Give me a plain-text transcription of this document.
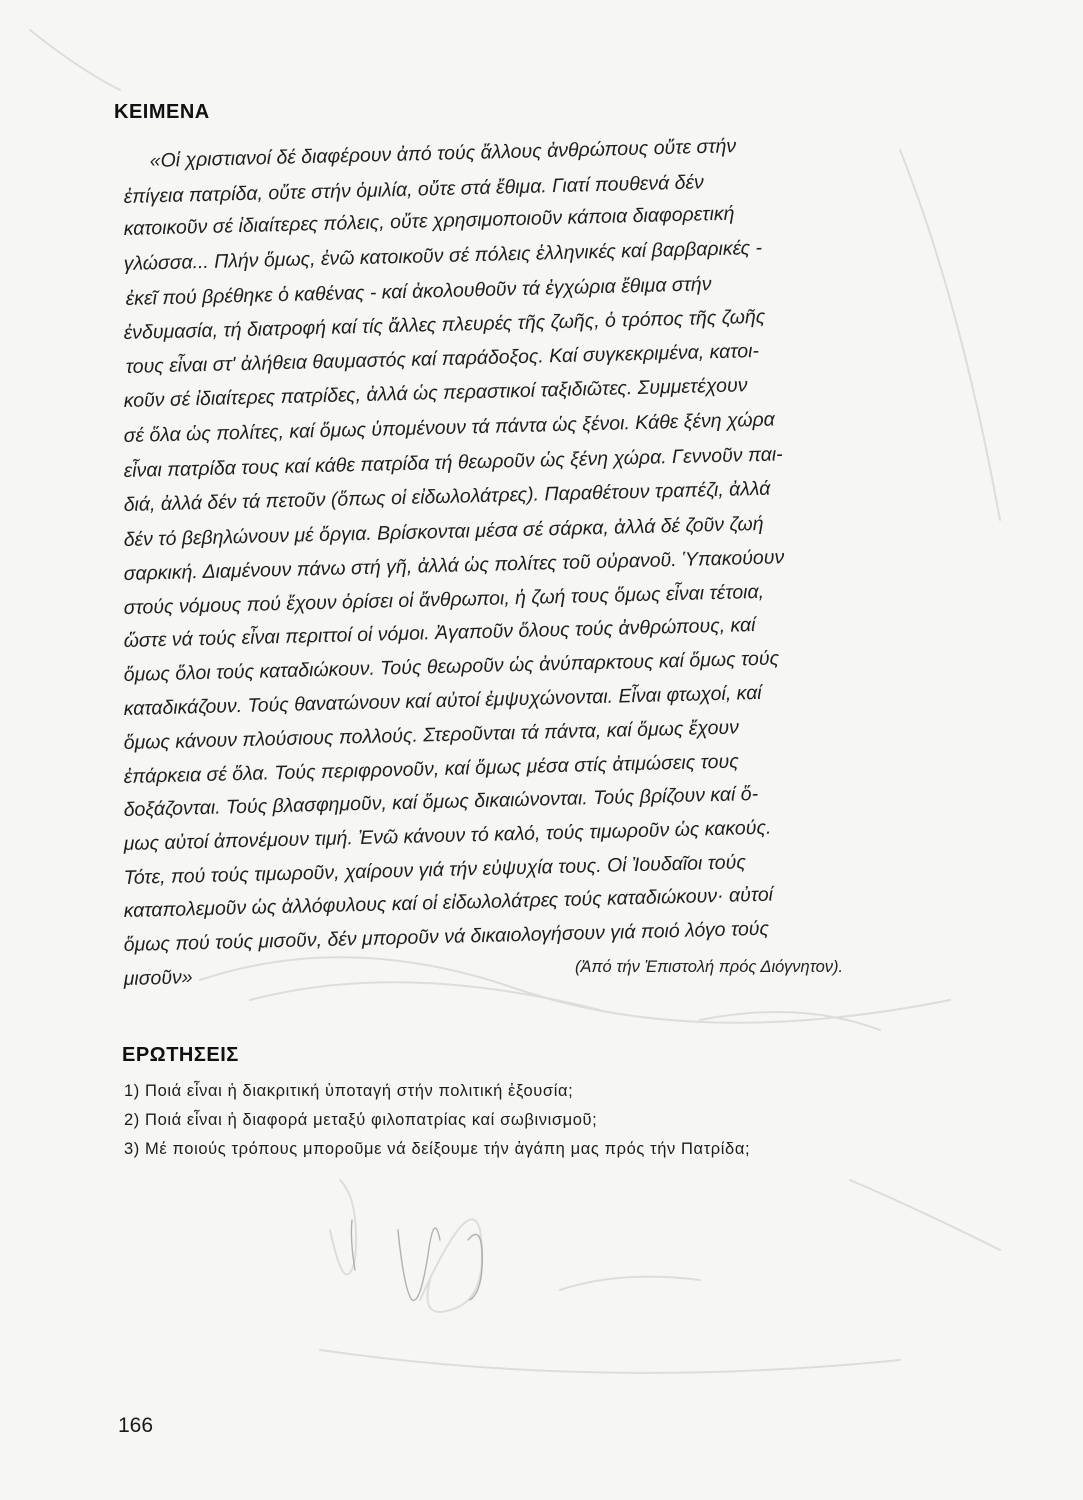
ΚΕΙΜΕΝΑ
«Οἱ χριστιανοί δέ διαφέρουν ἀπό τούς ἄλλους ἀνθρώπους οὔτε στήν
ἐπίγεια πατρίδα, οὔτε στήν ὁμιλία, οὔτε στά ἔθιμα. Γιατί πουθενά δέν
κατοικοῦν σέ ἰδιαίτερες πόλεις, οὔτε χρησιμοποιοῦν κάποια διαφορετική
γλώσσα... Πλήν ὅμως, ἐνῶ κατοικοῦν σέ πόλεις ἑλληνικές καί βαρβαρικές -
ἐκεῖ πού βρέθηκε ὁ καθένας - καί ἀκολουθοῦν τά ἐγχώρια ἔθιμα στήν
ἐνδυμασία, τή διατροφή καί τίς ἄλλες πλευρές τῆς ζωῆς, ὁ τρόπος τῆς ζωῆς
τους εἶναι στ' ἀλήθεια θαυμαστός καί παράδοξος. Καί συγκεκριμένα, κατοι-
κοῦν σέ ἰδιαίτερες πατρίδες, ἀλλά ὡς περαστικοί ταξιδιῶτες. Συμμετέχουν
σέ ὅλα ὡς πολίτες, καί ὅμως ὑπομένουν τά πάντα ὡς ξένοι. Κάθε ξένη χώρα
εἶναι πατρίδα τους καί κάθε πατρίδα τή θεωροῦν ὡς ξένη χώρα. Γεννοῦν παι-
διά, ἀλλά δέν τά πετοῦν (ὅπως οἱ εἰδωλολάτρες). Παραθέτουν τραπέζι, ἀλλά
δέν τό βεβηλώνουν μέ ὄργια. Βρίσκονται μέσα σέ σάρκα, ἀλλά δέ ζοῦν ζωή
σαρκική. Διαμένουν πάνω στή γῆ, ἀλλά ὡς πολίτες τοῦ οὐρανοῦ. Ὑπακούουν
στούς νόμους πού ἔχουν ὁρίσει οἱ ἄνθρωποι, ἡ ζωή τους ὅμως εἶναι τέτοια,
ὥστε νά τούς εἶναι περιττοί οἱ νόμοι. Ἀγαποῦν ὅλους τούς ἀνθρώπους, καί
ὅμως ὅλοι τούς καταδιώκουν. Τούς θεωροῦν ὡς ἀνύπαρκτους καί ὅμως τούς
καταδικάζουν. Τούς θανατώνουν καί αὐτοί ἐμψυχώνονται. Εἶναι φτωχοί, καί
ὅμως κάνουν πλούσιους πολλούς. Στεροῦνται τά πάντα, καί ὅμως ἔχουν
ἐπάρκεια σέ ὅλα. Τούς περιφρονοῦν, καί ὅμως μέσα στίς ἀτιμώσεις τους
δοξάζονται. Τούς βλασφημοῦν, καί ὅμως δικαιώνονται. Τούς βρίζουν καί ὅ-
μως αὐτοί ἀπονέμουν τιμή. Ἐνῶ κάνουν τό καλό, τούς τιμωροῦν ὡς κακούς.
Τότε, πού τούς τιμωροῦν, χαίρουν γιά τήν εὐψυχία τους. Οἱ Ἰουδαῖοι τούς
καταπολεμοῦν ὡς ἀλλόφυλους καί οἱ εἰδωλολάτρες τούς καταδιώκουν· αὐτοί
ὅμως πού τούς μισοῦν, δέν μποροῦν νά δικαιολογήσουν γιά ποιό λόγο τούς
μισοῦν»	(Ἀπό τήν Ἐπιστολή πρός Διόγνητον).
ΕΡΩΤΗΣΕΙΣ
1) Ποιά εἶναι ἡ διακριτική ὑποταγή στήν πολιτική ἐξουσία;
2) Ποιά εἶναι ἡ διαφορά μεταξύ φιλοπατρίας καί σωβινισμοῦ;
3) Μέ ποιούς τρόπους μποροῦμε νά δείξουμε τήν ἀγάπη μας πρός τήν Πατρίδα;
166
